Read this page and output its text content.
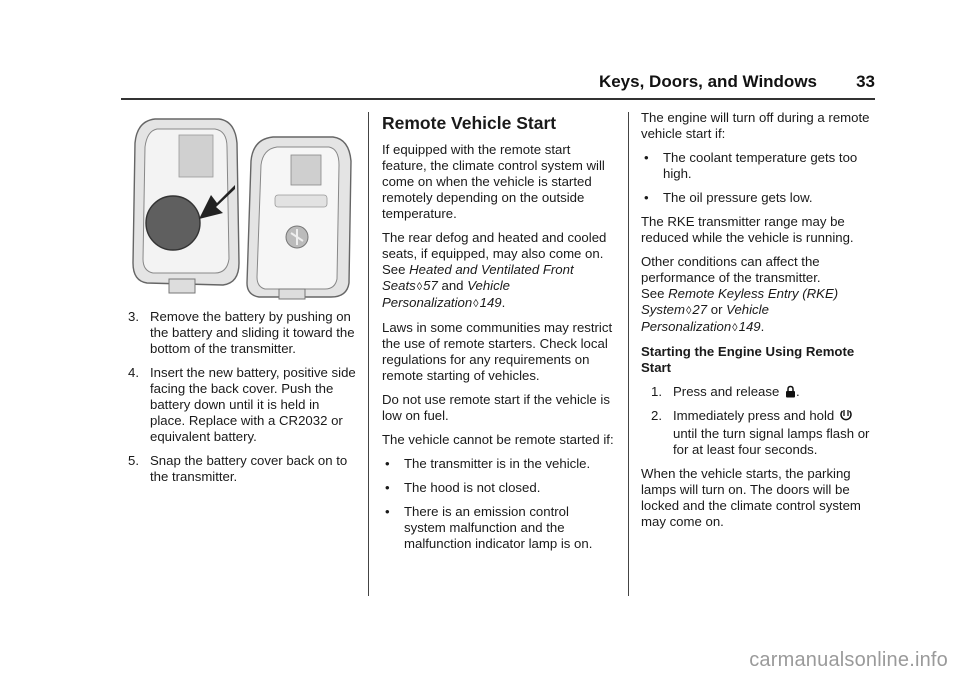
Keys, Doors, and Windows 33
3. Remove the battery by pushing on the battery and sliding it toward the bottom of the transmitter.
4. Insert the new battery, positive side facing the back cover. Push the battery down until it is held in place. Replace with a CR2032 or equivalent battery.
5. Snap the battery cover back on to the transmitter.
Remote Vehicle Start

If equipped with the remote start feature, the climate control system will come on when the vehicle is started remotely depending on the outside temperature.

The rear defog and heated and cooled seats, if equipped, may also come on.
See Heated and Ventilated Front Seats◊57 and Vehicle Personalization◊149.

Laws in some communities may restrict the use of remote starters. Check local regulations for any requirements on remote starting of vehicles.

Do not use remote start if the vehicle is low on fuel.

The vehicle cannot be remote started if:

• The transmitter is in the vehicle.
• The hood is not closed.
• There is an emission control system malfunction and the malfunction indicator lamp is on.

The engine will turn off during a remote vehicle start if:

• The coolant temperature gets too high.
• The oil pressure gets low.

The RKE transmitter range may be reduced while the vehicle is running.

Other conditions can affect the performance of the transmitter.
See Remote Keyless Entry (RKE) System◊27 or Vehicle Personalization◊149.

Starting the Engine Using Remote Start
1. Press and release .
2. Immediately press and hold
until the turn signal lamps flash or for at least four seconds.

When the vehicle starts, the parking lamps will turn on. The doors will be locked and the climate control system may come on.

carmanualsonline.info
